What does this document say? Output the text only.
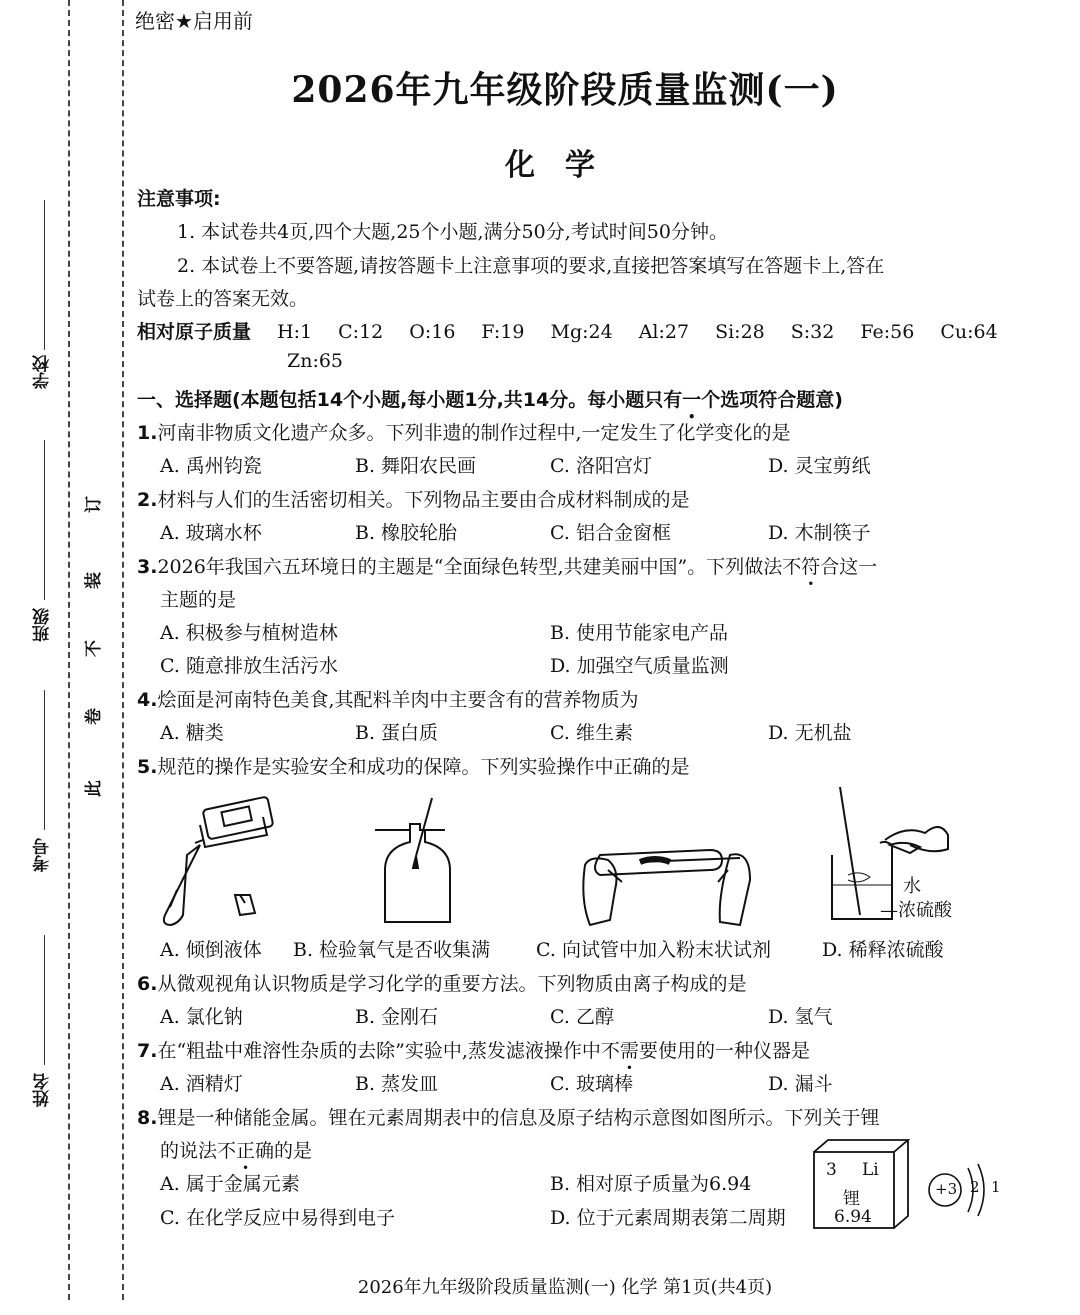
学校
班级
考号
姓名
订
装
不
卷
此
绝密★启用前
2026年九年级阶段质量监测(一)
化学
注意事项:
1. 本试卷共4页,四个大题,25个小题,满分50分,考试时间50分钟。
2. 本试卷上不要答题,请按答题卡上注意事项的要求,直接把答案填写在答题卡上,答在
试卷上的答案无效。
相对原子质量 H:1 C:12 O:16 F:19 Mg:24 Al:27 Si:28 S:32 Fe:56 Cu:64
Zn:65
一、选择题(本题包括14个小题,每小题1分,共14分。每小题只有一个选项符合题意)
1.河南非物质文化遗产众多。下列非遗的制作过程中,一定发生了化学变化的是
A. 禹州钧瓷	B. 舞阳农民画	C. 洛阳宫灯	D. 灵宝剪纸
2.材料与人们的生活密切相关。下列物品主要由合成材料制成的是
A. 玻璃水杯	B. 橡胶轮胎	C. 铝合金窗框	D. 木制筷子
3.2026年我国六五环境日的主题是“全面绿色转型,共建美丽中国”。下列做法不符合这一
主题的是
A. 积极参与植树造林	B. 使用节能家电产品
C. 随意排放生活污水	D. 加强空气质量监测
4.烩面是河南特色美食,其配料羊肉中主要含有的营养物质为
A. 糖类	B. 蛋白质	C. 维生素	D. 无机盐
5.规范的操作是实验安全和成功的保障。下列实验操作中正确的是
水
—浓硫酸
A. 倾倒液体 B. 检验氧气是否收集满 C. 向试管中加入粉末状试剂	D. 稀释浓硫酸
6.从微观视角认识物质是学习化学的重要方法。下列物质由离子构成的是
A. 氯化钠	B. 金刚石	C. 乙醇	D. 氢气
7.在“粗盐中难溶性杂质的去除”实验中,蒸发滤液操作中不需要使用的一种仪器是
A. 酒精灯	B. 蒸发皿	C. 玻璃棒	D. 漏斗
8.锂是一种储能金属。锂在元素周期表中的信息及原子结构示意图如图所示。下列关于锂
的说法不正确的是
A. 属于金属元素	B. 相对原子质量为6.94
C. 在化学反应中易得到电子	D. 位于元素周期表第二周期
3 Li
锂
6.94
+3 2 1
2026年九年级阶段质量监测(一) 化学 第1页(共4页)
